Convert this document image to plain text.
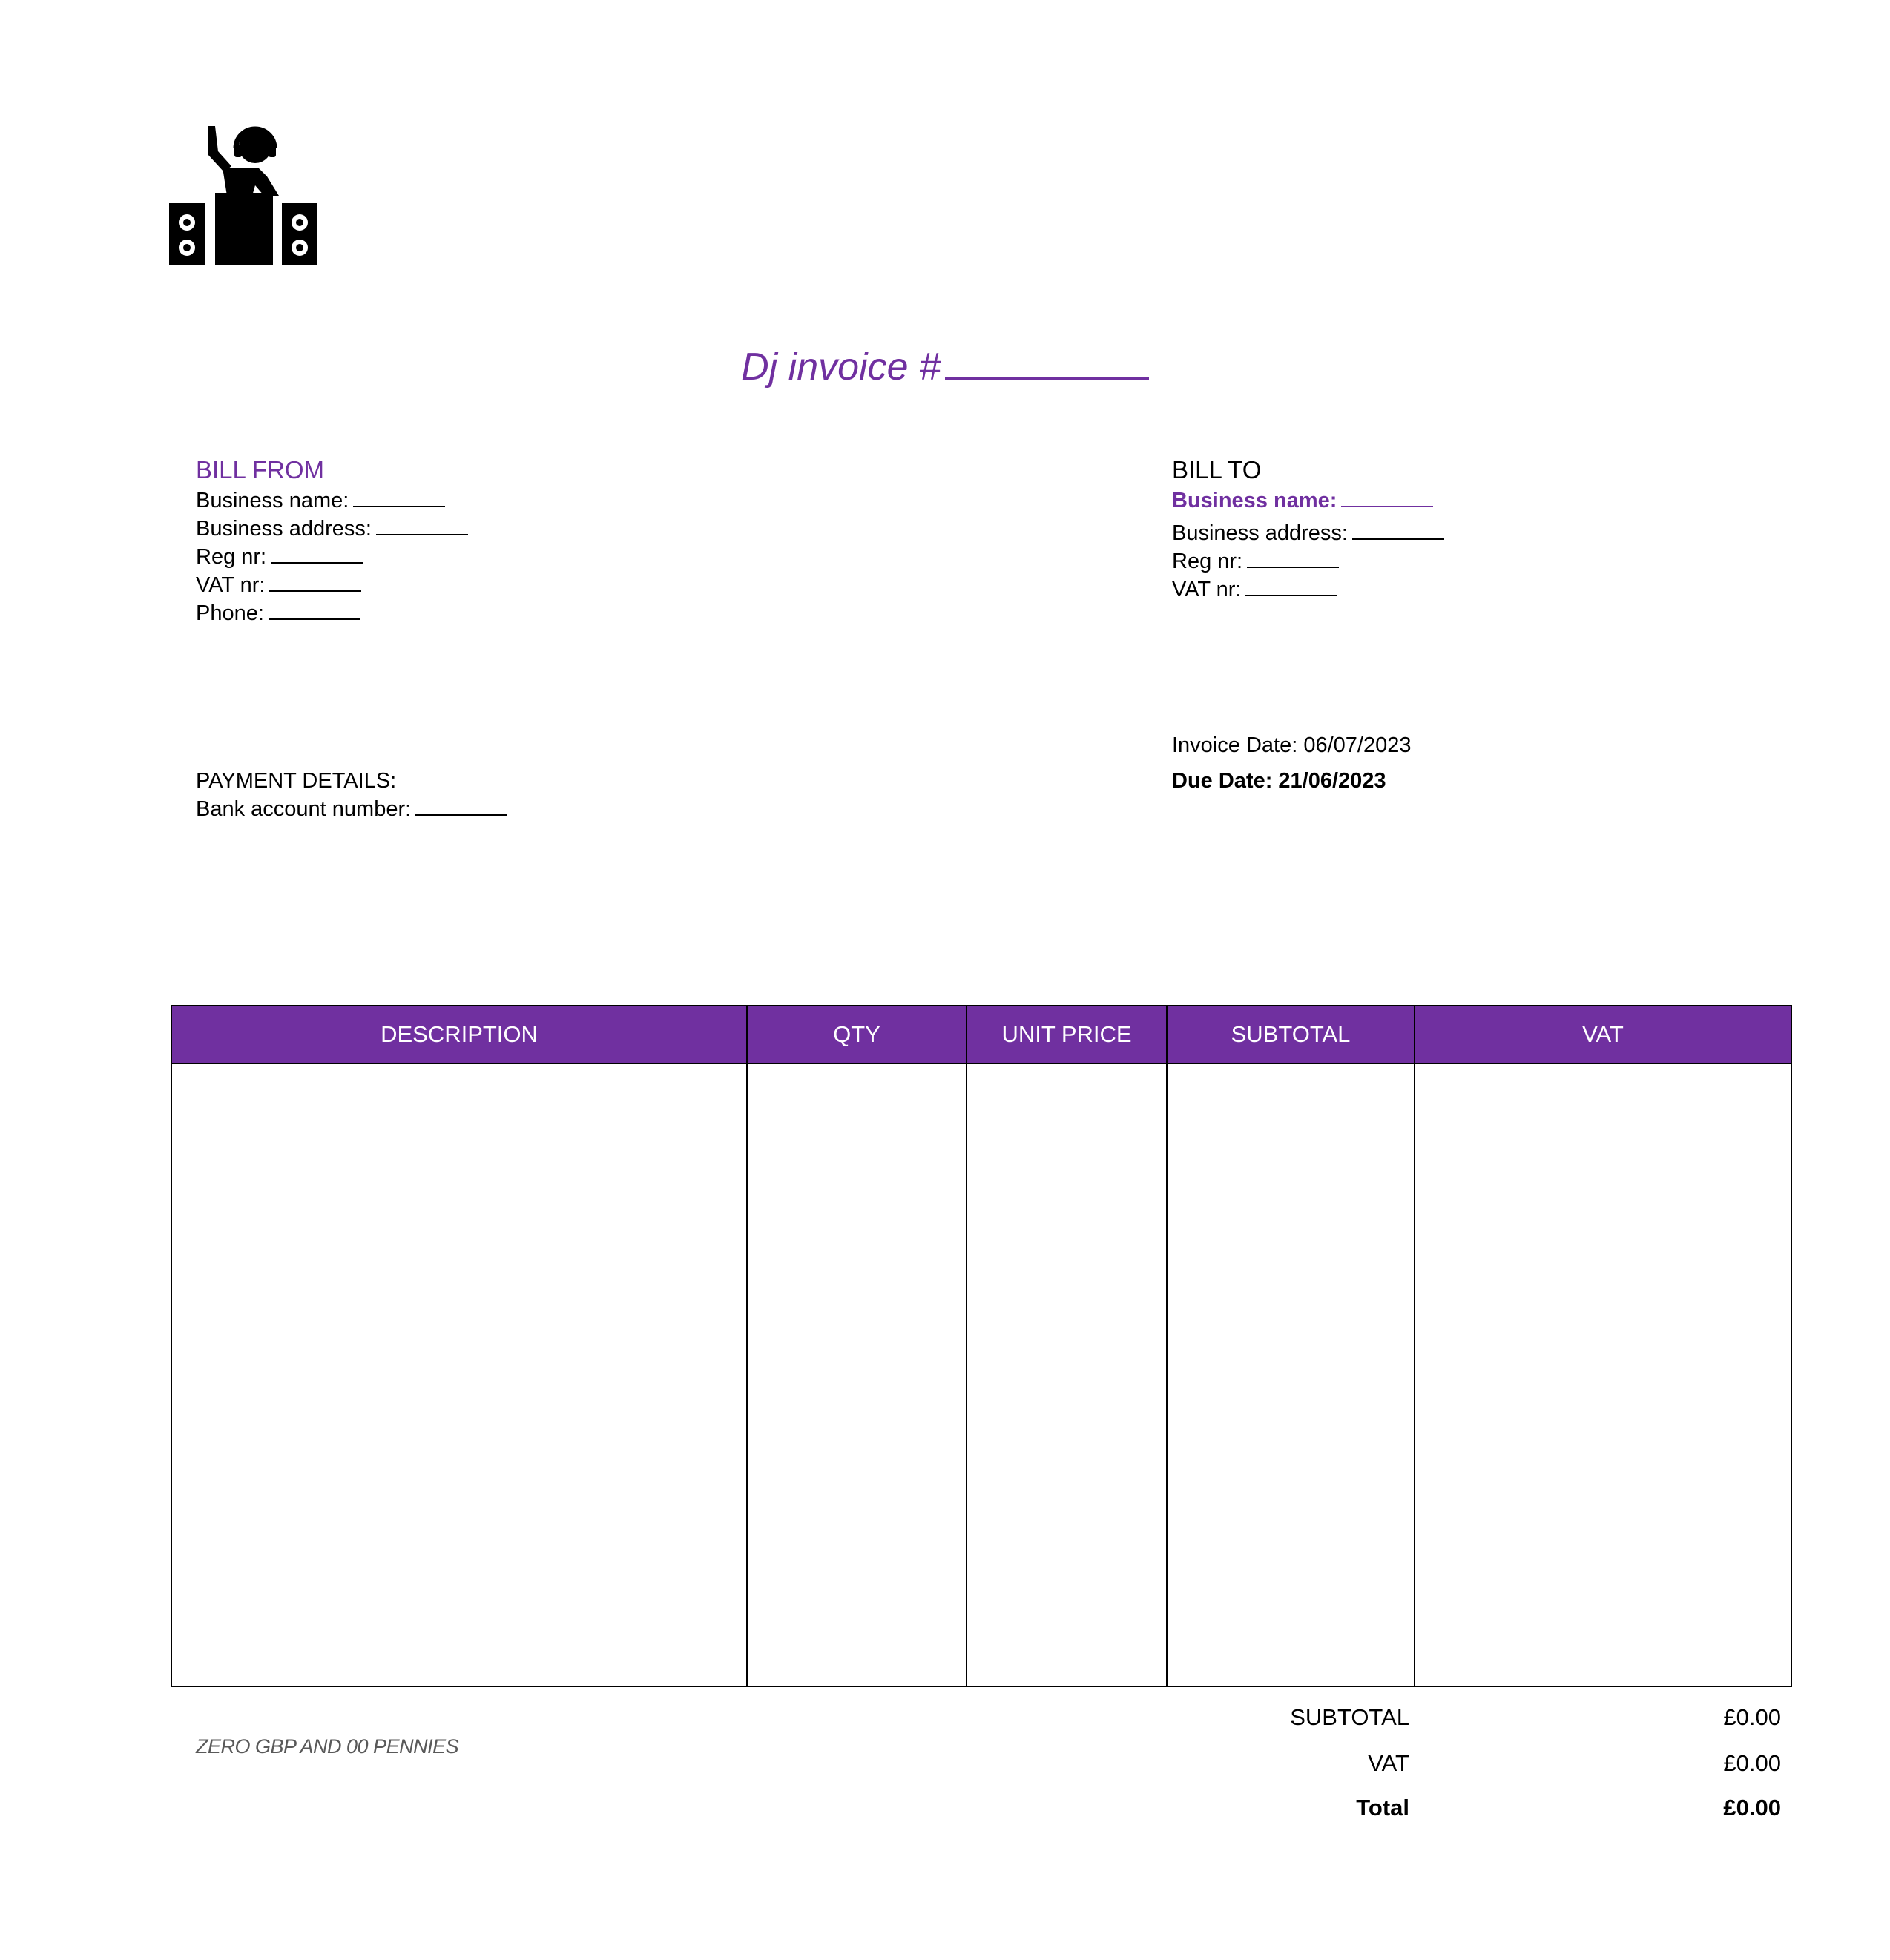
Dj invoice #
BILL FROM
Business name:
Business address:
Reg nr:
VAT nr:
Phone:
BILL TO
Business name:
Business address:
Reg nr:
VAT nr:
PAYMENT DETAILS:
Bank account number:
Invoice Date: 06/07/2023
Due Date: 21/06/2023
DESCRIPTION	QTY	UNIT PRICE	SUBTOTAL	VAT

ZERO GBP AND 00 PENNIES
SUBTOTAL	£0.00
VAT	£0.00
Total	£0.00
